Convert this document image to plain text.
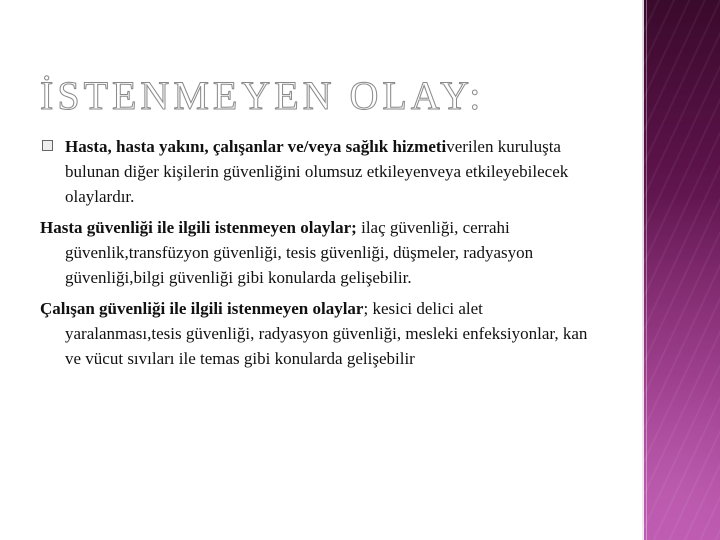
İSTENMEYEN OLAY:

Hasta, hasta yakını, çalışanlar ve/veya sağlık hizmetiverilen kuruluşta bulunan diğer kişilerin güvenliğini olumsuz etkileyenveya etkileyebilecek olaylardır.

Hasta güvenliği ile ilgili istenmeyen olaylar; ilaç güvenliği, cerrahi güvenlik,transfüzyon güvenliği, tesis güvenliği, düşmeler, radyasyon güvenliği,bilgi güvenliği gibi konularda gelişebilir.

Çalışan güvenliği ile ilgili istenmeyen olaylar; kesici delici alet yaralanması,tesis güvenliği, radyasyon güvenliği, mesleki enfeksiyonlar, kan ve vücut sıvıları ile temas gibi konularda gelişebilir
